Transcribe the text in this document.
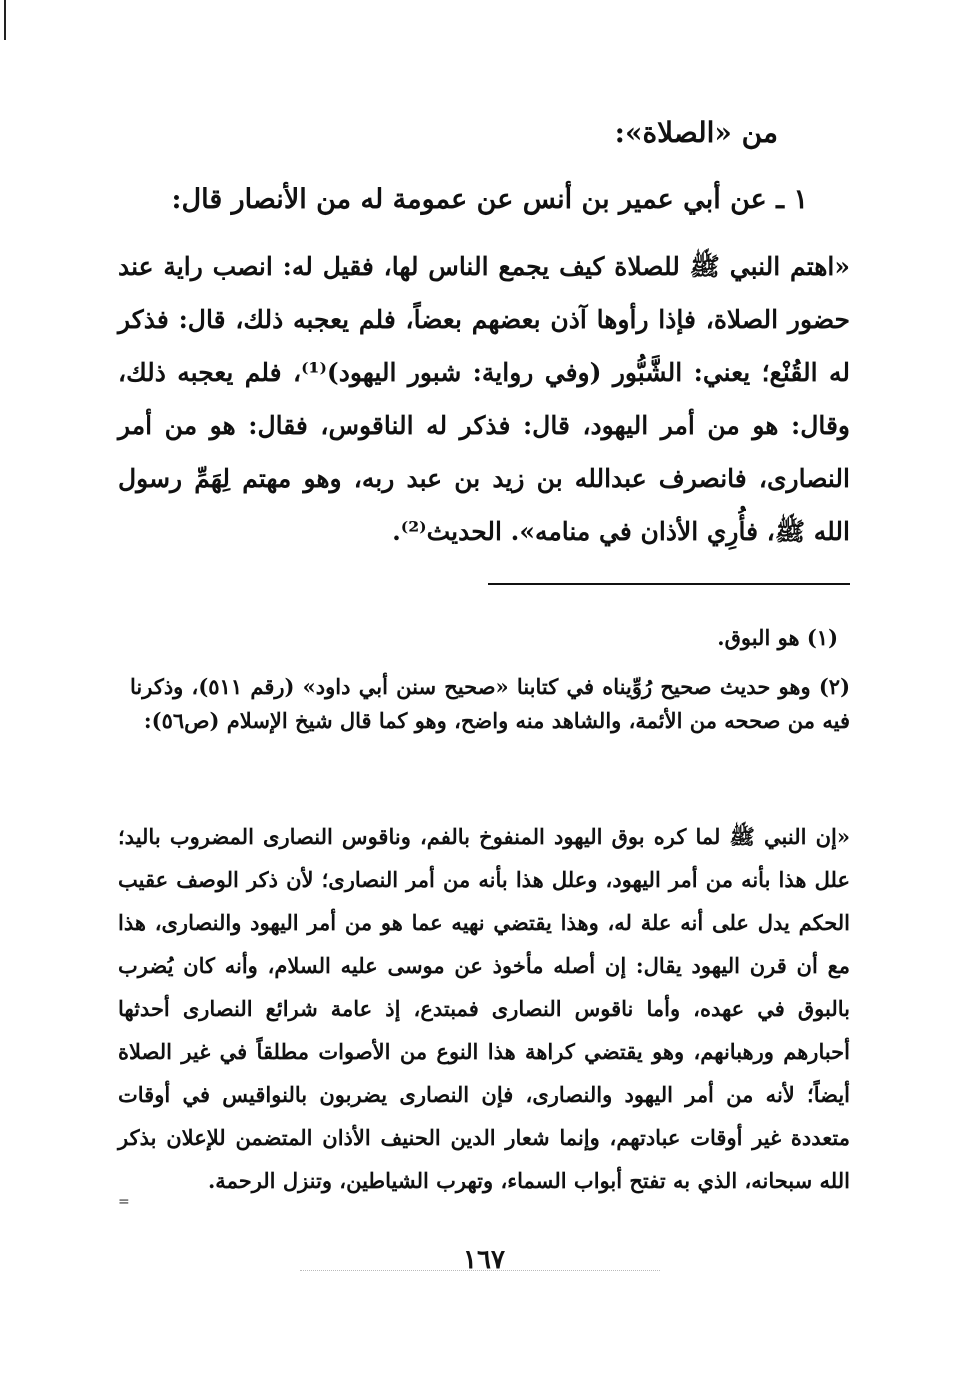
من «الصلاة»:
١ ـ عن أبي عمير بن أنس عن عمومة له من الأنصار قال:
«اهتم النبي ﷺ للصلاة كيف يجمع الناس لها، فقيل له: انصب راية عند حضور الصلاة، فإذا رأوها آذن بعضهم بعضاً، فلم يعجبه ذلك، قال: فذكر له القُنْع؛ يعني: الشَّبُّور (وفي رواية: شبور اليهود)⁽¹⁾، فلم يعجبه ذلك، وقال: هو من أمر اليهود، قال: فذكر له الناقوس، فقال: هو من أمر النصارى، فانصرف عبدالله بن زيد بن عبد ربه، وهو مهتم لِهَمِّ رسول الله ﷺ، فأُرِي الأذان في منامه». الحديث⁽²⁾.
(١) هو البوق.
(٢) وهو حديث صحيح رُوِّيناه في كتابنا «صحيح سنن أبي داود» (رقم ٥١١)، وذكرنا فيه من صححه من الأئمة، والشاهد منه واضح، وهو كما قال شيخ الإسلام (ص٥٦):
«إن النبي ﷺ لما كره بوق اليهود المنفوخ بالفم، وناقوس النصارى المضروب باليد؛ علل هذا بأنه من أمر اليهود، وعلل هذا بأنه من أمر النصارى؛ لأن ذكر الوصف عقيب الحكم يدل على أنه علة له، وهذا يقتضي نهيه عما هو من أمر اليهود والنصارى، هذا مع أن قرن اليهود يقال: إن أصله مأخوذ عن موسى عليه السلام، وأنه كان يُضرب بالبوق في عهده، وأما ناقوس النصارى فمبتدع، إذ عامة شرائع النصارى أحدثها أحبارهم ورهبانهم، وهو يقتضي كراهة هذا النوع من الأصوات مطلقاً في غير الصلاة أيضاً؛ لأنه من أمر اليهود والنصارى، فإن النصارى يضربون بالنواقيس في أوقات متعددة غير أوقات عبادتهم، وإنما شعار الدين الحنيف الأذان المتضمن للإعلان بذكر الله سبحانه، الذي به تفتح أبواب السماء، وتهرب الشياطين، وتنزل الرحمة.
=
١٦٧
